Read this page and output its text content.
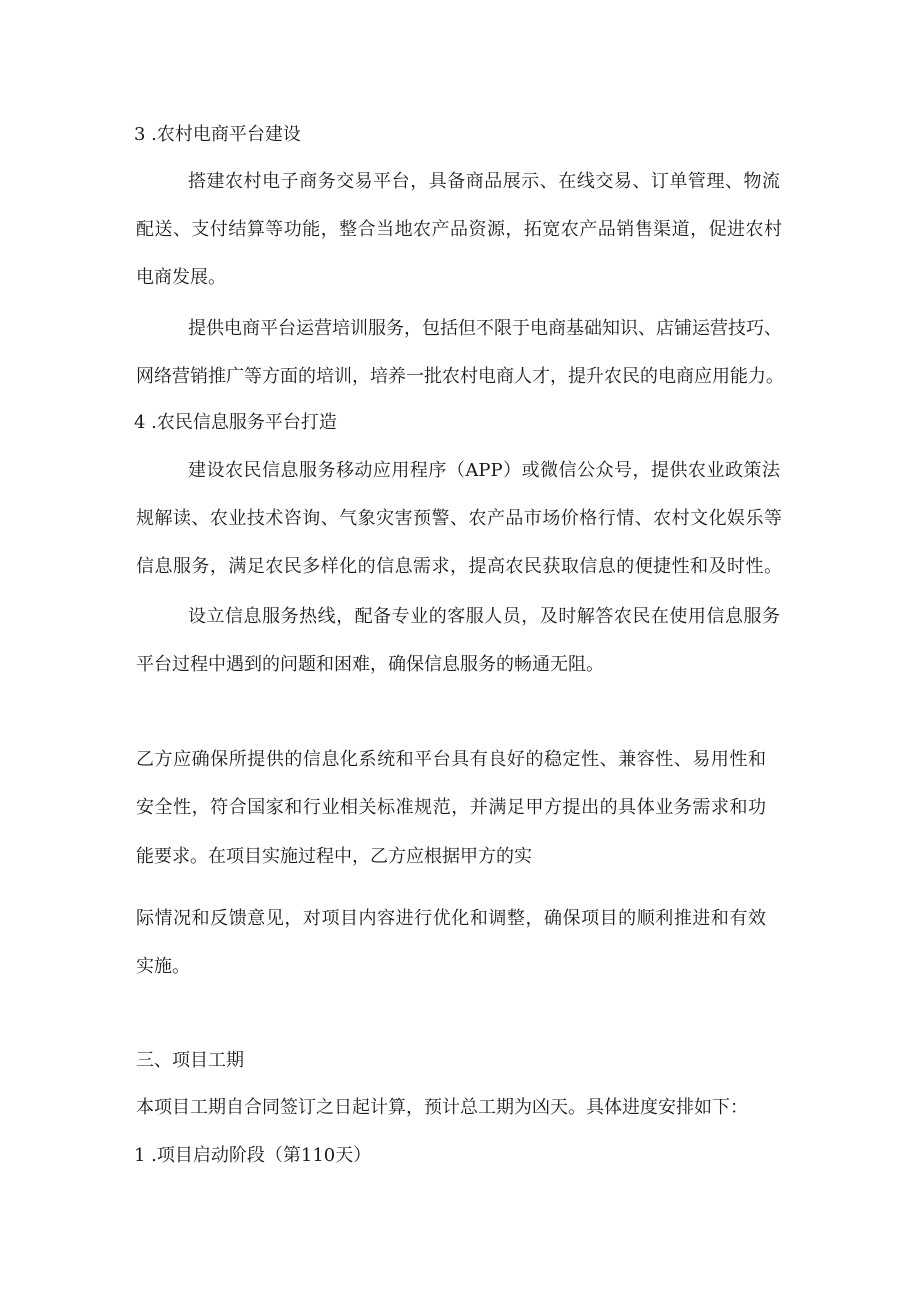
3 .农村电商平台建设
搭建农村电子商务交易平台，具备商品展示、在线交易、订单管理、物流
配送、支付结算等功能，整合当地农产品资源，拓宽农产品销售渠道，促进农村
电商发展。
提供电商平台运营培训服务，包括但不限于电商基础知识、店铺运营技巧、
网络营销推广等方面的培训，培养一批农村电商人才，提升农民的电商应用能力。
4 .农民信息服务平台打造
建设农民信息服务移动应用程序（APP）或微信公众号，提供农业政策法
规解读、农业技术咨询、气象灾害预警、农产品市场价格行情、农村文化娱乐等
信息服务，满足农民多样化的信息需求，提高农民获取信息的便捷性和及时性。
设立信息服务热线，配备专业的客服人员，及时解答农民在使用信息服务
平台过程中遇到的问题和困难，确保信息服务的畅通无阻。
乙方应确保所提供的信息化系统和平台具有良好的稳定性、兼容性、易用性和
安全性，符合国家和行业相关标准规范，并满足甲方提出的具体业务需求和功
能要求。在项目实施过程中，乙方应根据甲方的实
际情况和反馈意见，对项目内容进行优化和调整，确保项目的顺利推进和有效
实施。
三、项目工期
本项目工期自合同签订之日起计算，预计总工期为凶天。具体进度安排如下：
1 .项目启动阶段（第110天）
